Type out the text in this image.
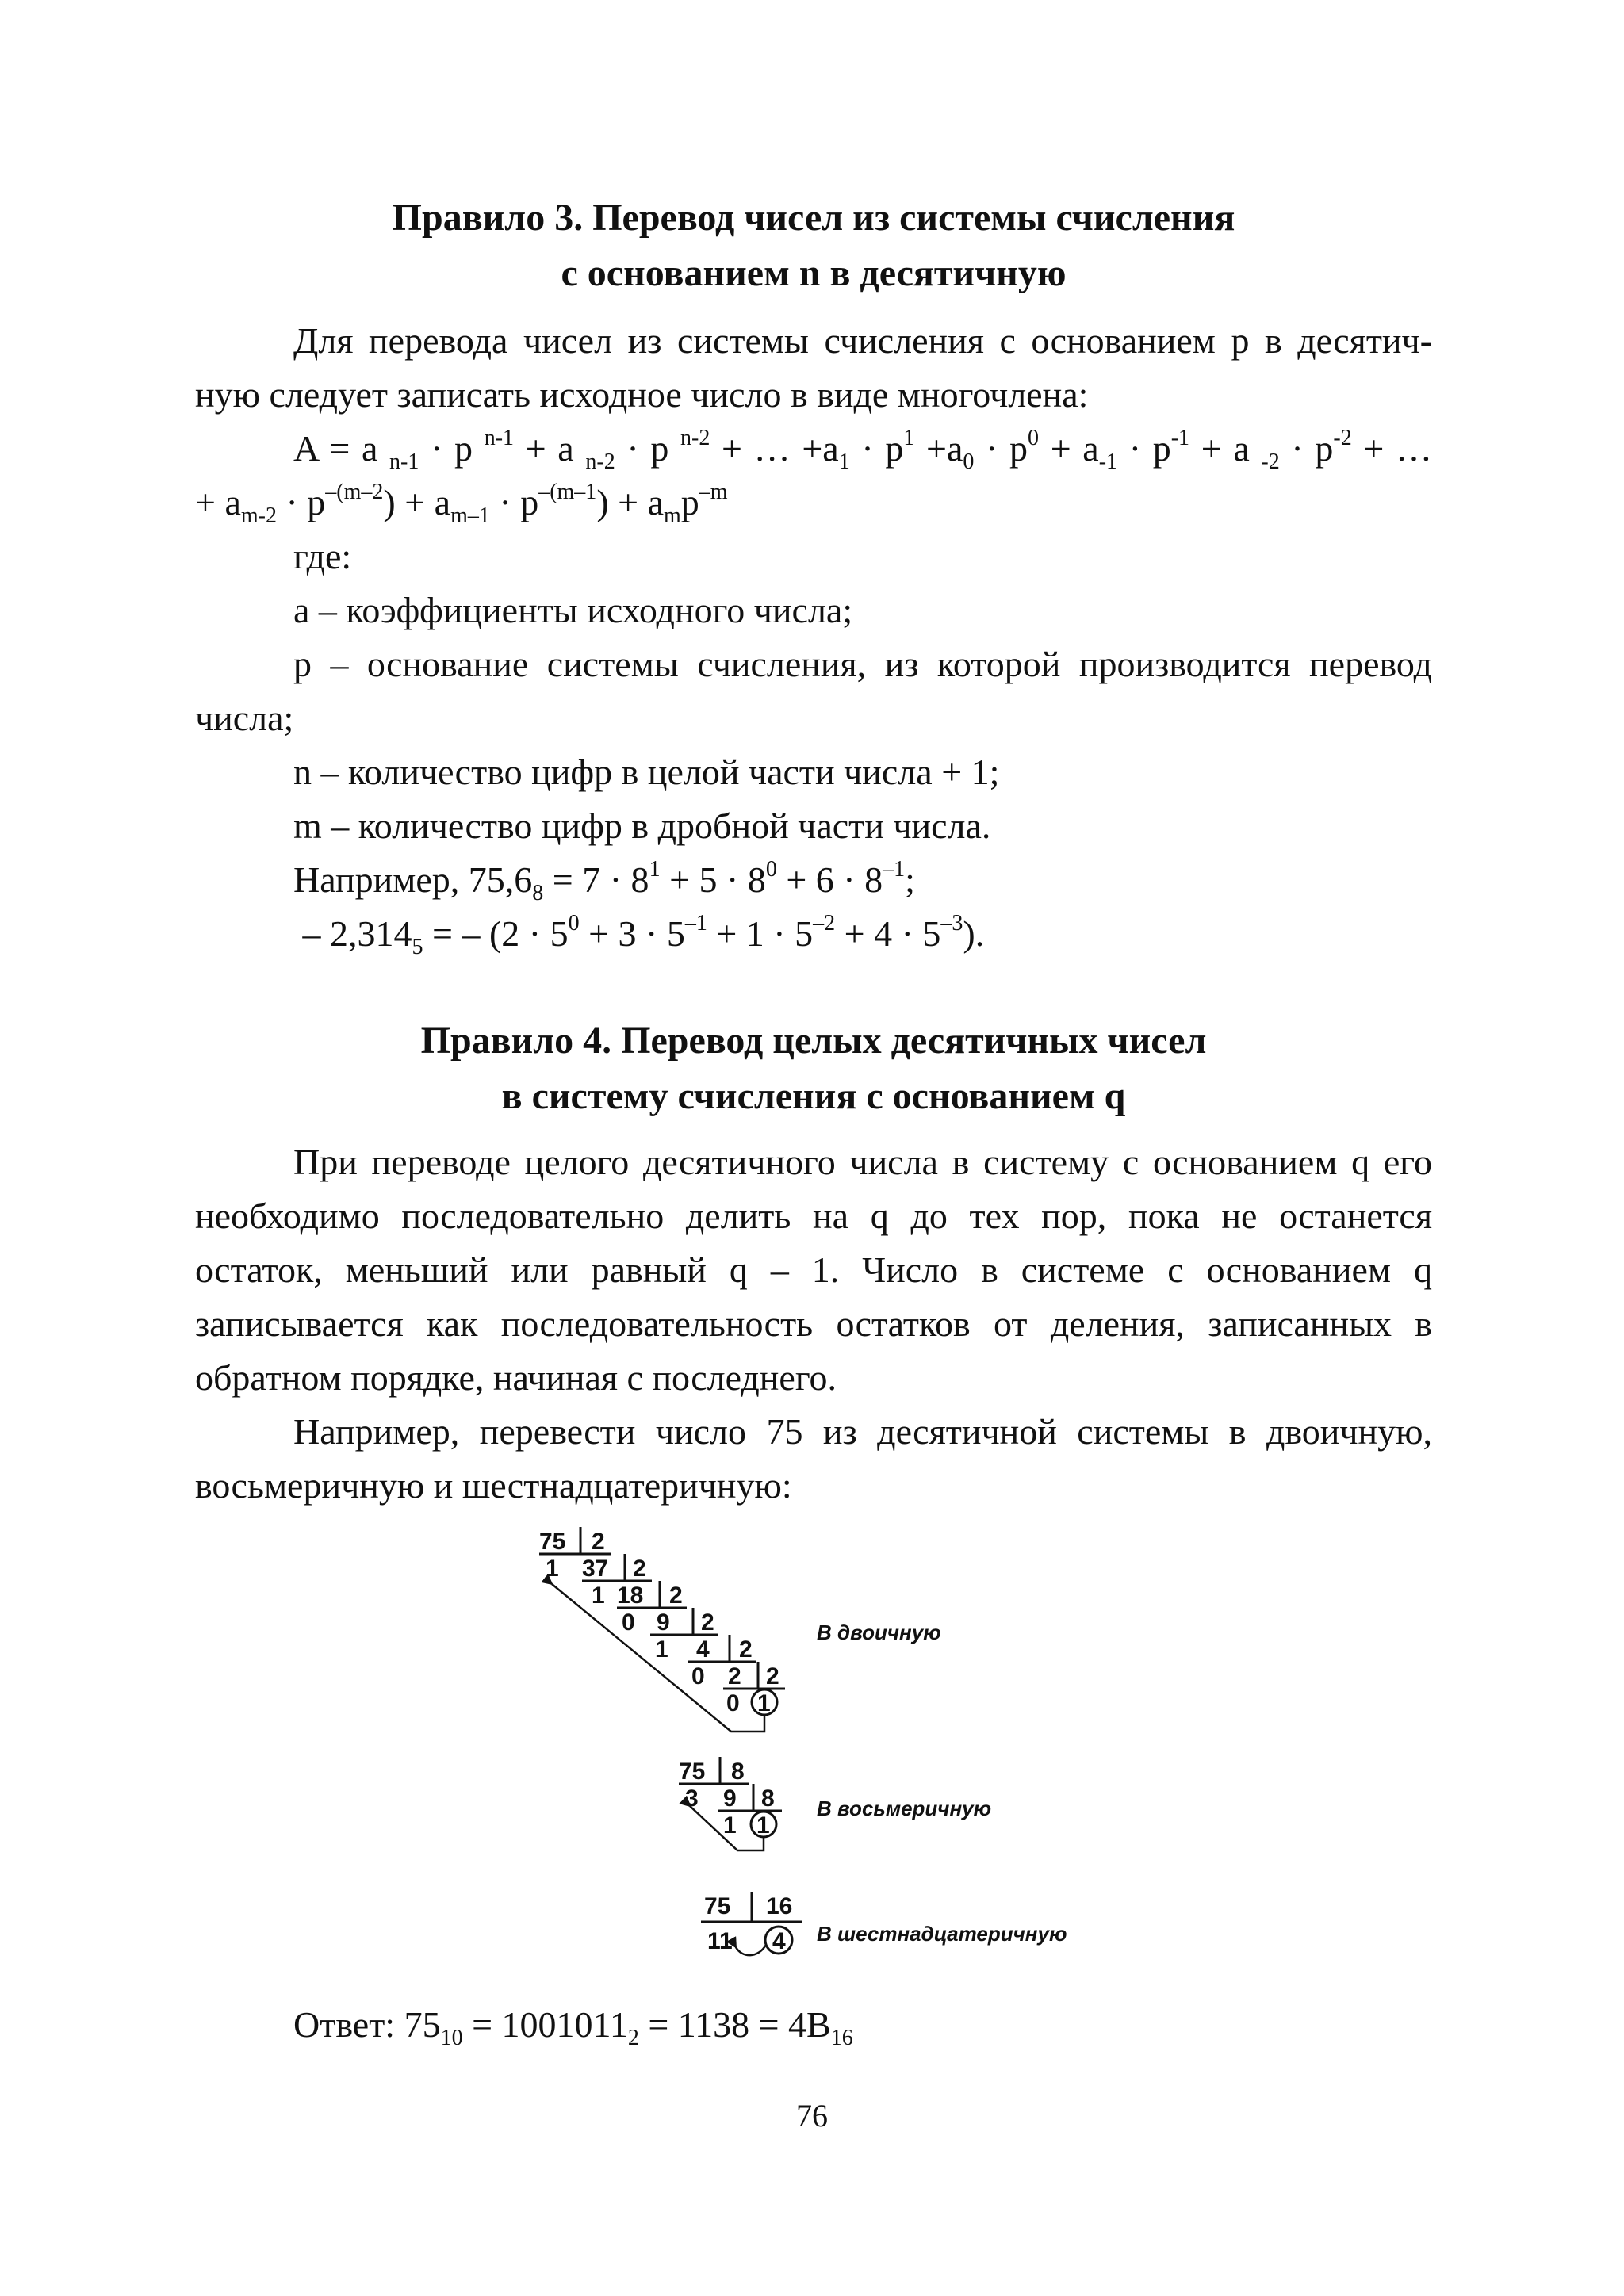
Правило 3. Перевод чисел из системы счисления
с основанием n в десятичную

Для перевода чисел из системы счисления с основанием р в десятич-

ную следует записать исходное число в виде многочлена:

A = a $_{n-1}$ · p $^{n-1}$ + a $_{n-2}$ · p $^{n-2}$ + … $+a_1 \cdot p^1 +a_0 \cdot p^0 + a_{-1} \cdot p^{-1} + a$ $_{-2} \cdot p^{-2}$ + …

+ $a_{m-2} \cdot p^{-(m-2}) + a_{m-1} \cdot p^{-(m-1}) + a_mp^{-m}$

где:

а – коэффициенты исходного числа;

р – основание системы счисления, из которой производится перевод

числа;

n – количество цифр в целой части числа + 1;

m – количество цифр в дробной части числа.

Например, $75,6_8 = 7 \cdot 8^1 + 5 \cdot 8^0 + 6 \cdot 8^{-1}$;

– $2,314_5$ = – $(2 \cdot 5^0 + 3 \cdot 5^{-1} + 1 \cdot 5^{-2} + 4 \cdot 5^{-3})$.

Правило 4. Перевод целых десятичных чисел
в систему счисления с основанием q

При переводе целого десятичного числа в систему с основанием q его необходимо последовательно делить на q до тех пор, пока не останется остаток, меньший или равный q – 1. Число в системе с основанием q записывается как последовательность остатков от деления, записанных в обратном порядке, начиная с последнего.

Например, перевести число 75 из десятичной системы в двоичную, восьмеричную и шестнадцатеричную:

75 2
1 37 2
1 18 2
0 9 2
1 4 2
0 2 2
0 1
В двоичную
75 8
3 9 8
1 1
В восьмеричную
75 16
11 4 В шестнадцатеричную
Ответ: $75_{10} = 1001011_2 = 1138 = 4B_{16}$
76
